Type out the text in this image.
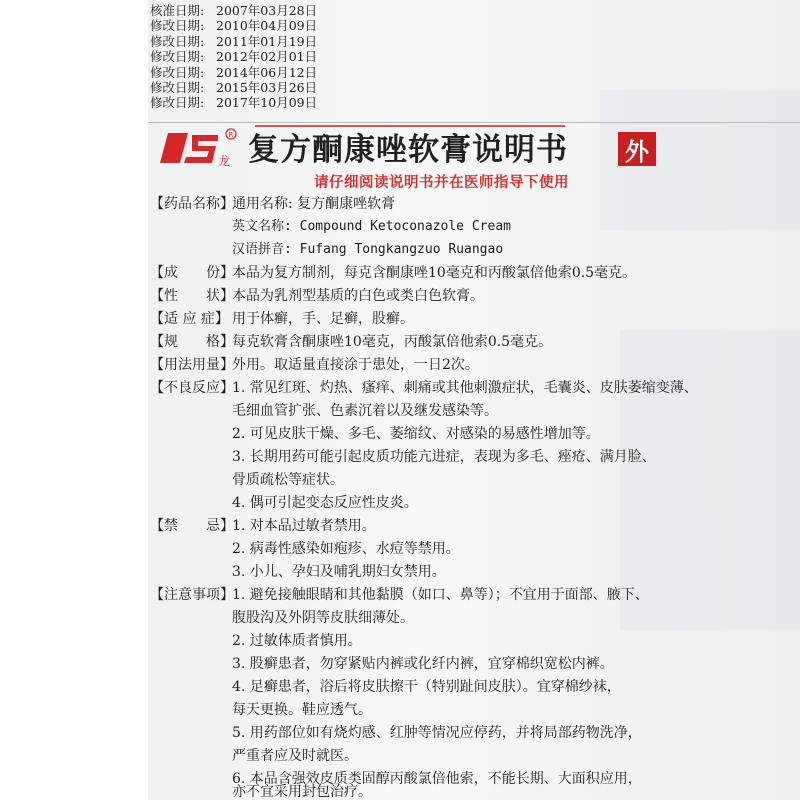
核准日期: 2007年03月28日
修改日期: 2010年04月09日
修改日期: 2011年01月19日
修改日期: 2012年02月01日
修改日期: 2014年06月12日
修改日期: 2015年03月26日
修改日期: 2017年10月09日
R
龙 复方酮康唑软膏说明书 外
请仔细阅读说明书并在医师指导下使用
【药品名称】
通用名称: 复方酮康唑软膏
英文名称: Compound Ketoconazole Cream
汉语拼音: Fufang Tongkangzuo Ruangao
【成　　份】
本品为复方制剂，每克含酮康唑10毫克和丙酸氯倍他索0.5毫克。
【性　　状】
本品为乳剂型基质的白色或类白色软膏。
【适 应 症】 用于体癣，手、足癣，股癣。
【规　　格】
每克软膏含酮康唑10毫克，丙酸氯倍他索0.5毫克。
【用法用量】
外用。取适量直接涂于患处，一日2次。
【不良反应】
1. 常见红斑、灼热、瘙痒、刺痛或其他刺激症状，毛囊炎、皮肤萎缩变薄、
毛细血管扩张、色素沉着以及继发感染等。
2. 可见皮肤干燥、多毛、萎缩纹、对感染的易感性增加等。
3. 长期用药可能引起皮质功能亢进症，表现为多毛、痤疮、满月脸、
骨质疏松等症状。
4. 偶可引起变态反应性皮炎。
【禁　　忌】
1. 对本品过敏者禁用。
2. 病毒性感染如疱疹、水痘等禁用。
3. 小儿、孕妇及哺乳期妇女禁用。
【注意事项】
1. 避免接触眼睛和其他黏膜（如口、鼻等）；不宜用于面部、腋下、
腹股沟及外阴等皮肤细薄处。
2. 过敏体质者慎用。
3. 股癣患者，勿穿紧贴内裤或化纤内裤，宜穿棉织宽松内裤。
4. 足癣患者，浴后将皮肤擦干（特别趾间皮肤）。宜穿棉纱袜，
每天更换。鞋应透气。
5. 用药部位如有烧灼感、红肿等情况应停药，并将局部药物洗净，
严重者应及时就医。
6. 本品含强效皮质类固醇丙酸氯倍他索，不能长期、大面积应用，
亦不宜采用封包治疗。
